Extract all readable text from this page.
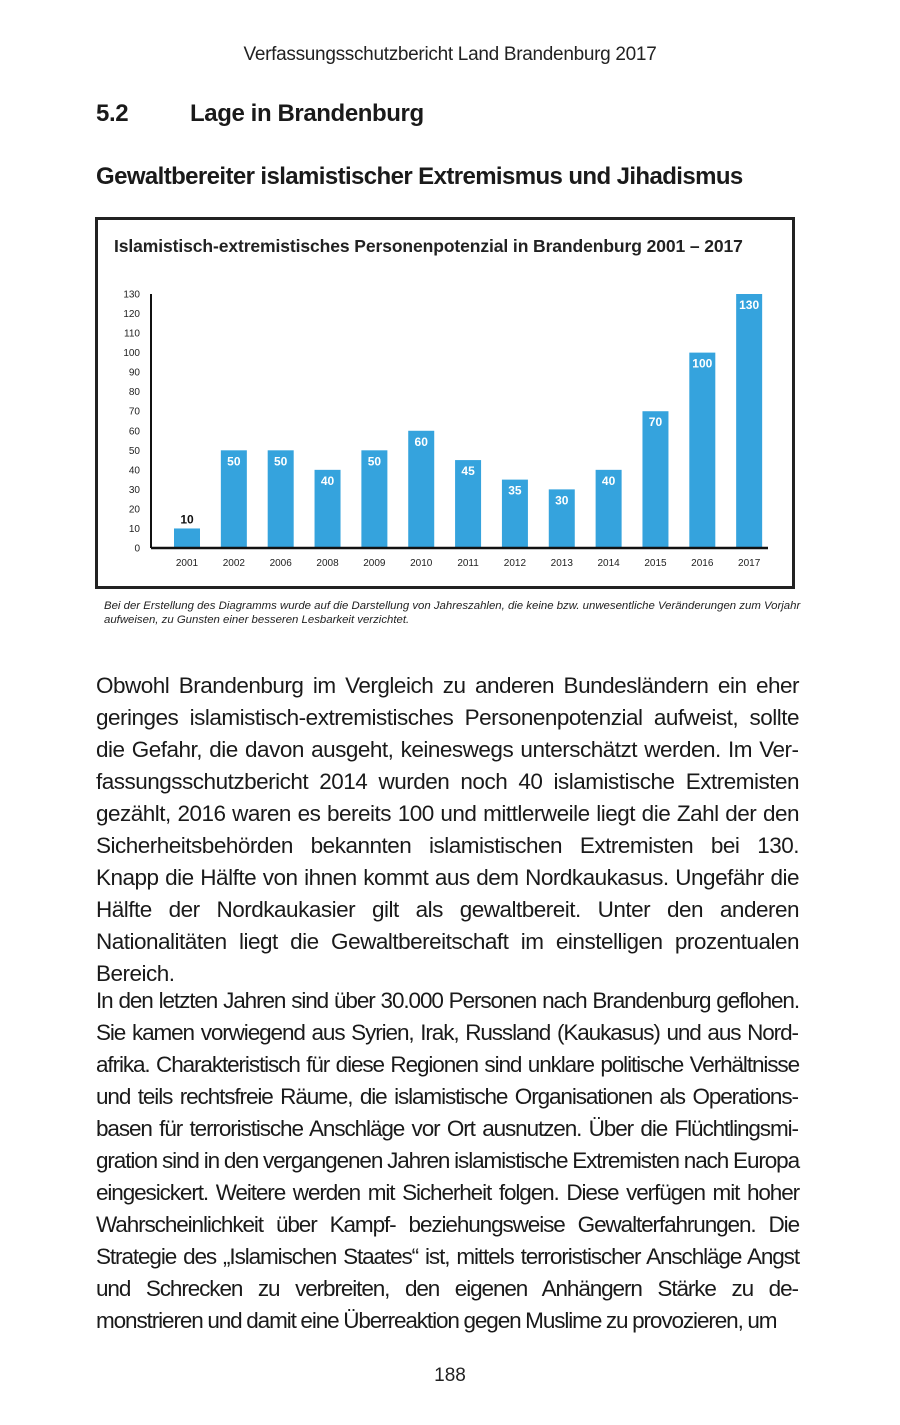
Verfassungsschutzbericht Land Brandenburg 2017
5.2	Lage in Brandenburg
Gewaltbereiter islamistischer Extremismus und Jihadismus
Islamistisch-extremistisches Personenpotenzial in Brandenburg 2001 – 2017
0
10
20
30
40
50
60
70
80
90
100
110
120
130
10
2001
50
2002
50
2006
40
2008
50
2009
60
2010
45
2011
35
2012
30
2013
40
2014
70
2015
100
2016
130
2017
Bei der Erstellung des Diagramms wurde auf die Darstellung von Jahreszahlen, die keine bzw. unwesentliche Veränderungen zum Vorjahr aufweisen, zu Gunsten einer besseren Lesbarkeit verzichtet.

Obwohl Brandenburg im Vergleich zu anderen Bundesländern ein eher geringes islamistisch-extremistisches Personenpotenzial aufweist, sollte die Gefahr, die davon ausgeht, keineswegs unterschätzt werden. Im Verfassungsschutzbericht 2014 wurden noch 40 islamistische Extremisten gezählt, 2016 waren es bereits 100 und mittlerweile liegt die Zahl der den Sicherheitsbehörden bekannten islamistischen Extremisten bei 130. Knapp die Hälfte von ihnen kommt aus dem Nordkaukasus. Ungefähr die Hälfte der Nordkaukasier gilt als gewaltbereit. Unter den anderen Nationalitäten liegt die Gewaltbereitschaft im einstelligen prozentualen Bereich.

In den letzten Jahren sind über 30.000 Personen nach Brandenburg geflohen. Sie kamen vorwiegend aus Syrien, Irak, Russland (Kaukasus) und aus Nordafrika. Charakteristisch für diese Regionen sind unklare politische Verhältnisse und teils rechtsfreie Räume, die islamistische Organisationen als Operationsbasen für terroristische Anschläge vor Ort ausnutzen. Über die Flüchtlingsmigration sind in den vergangenen Jahren islamistische Extremisten nach Europa eingesickert. Weitere werden mit Sicherheit folgen. Diese verfügen mit hoher Wahrscheinlichkeit über Kampf- beziehungsweise Gewalterfahrungen. Die Strategie des „Islamischen Staates“ ist, mittels terroristischer Anschläge Angst und Schrecken zu verbreiten, den eigenen Anhängern Stärke zu demonstrieren und damit eine Überreaktion gegen Muslime zu provozieren, um

188
